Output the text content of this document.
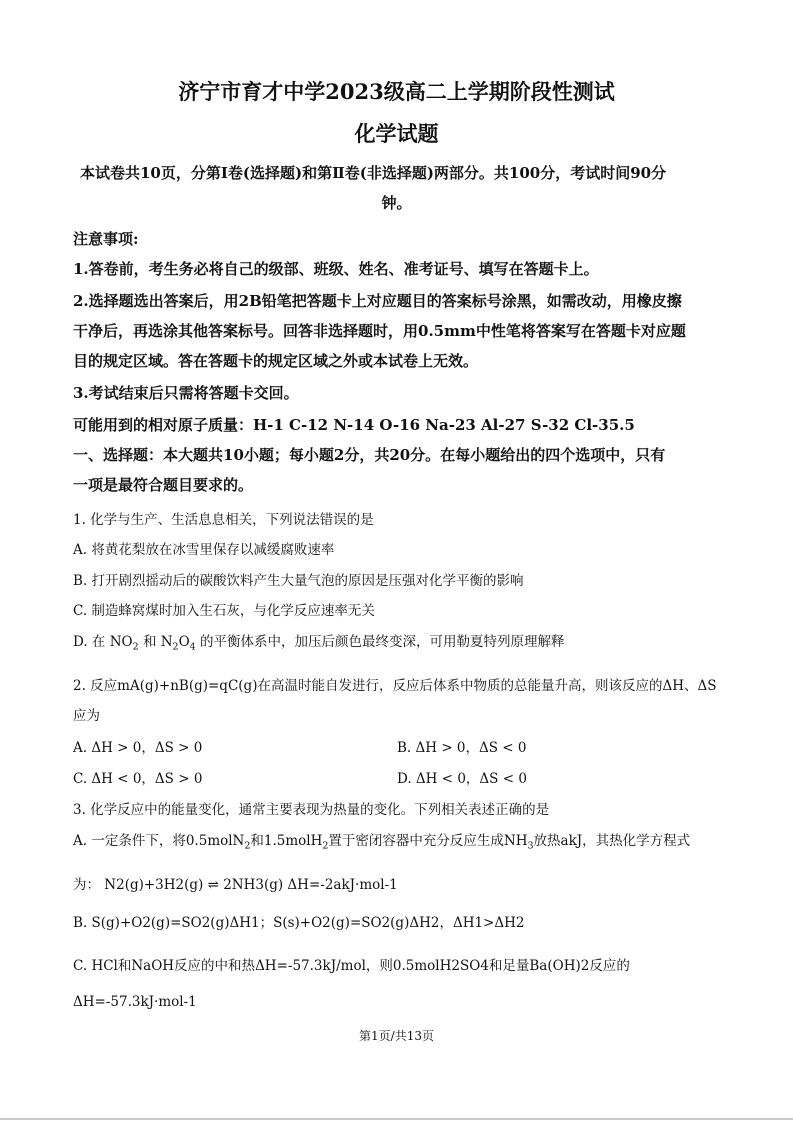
济宁市育才中学2023级高二上学期阶段性测试
化学试题
本试卷共10页，分第Ⅰ卷(选择题)和第Ⅱ卷(非选择题)两部分。共100分，考试时间90分
钟。
注意事项:
1.答卷前，考生务必将自己的级部、班级、姓名、准考证号、填写在答题卡上。
2.选择题选出答案后，用2B铅笔把答题卡上对应题目的答案标号涂黑，如需改动，用橡皮擦
干净后，再选涂其他答案标号。回答非选择题时，用0.5mm中性笔将答案写在答题卡对应题
目的规定区域。答在答题卡的规定区域之外或本试卷上无效。
3.考试结束后只需将答题卡交回。
可能用到的相对原子质量：H-1 C-12 N-14 O-16 Na-23 Al-27 S-32 Cl-35.5
一、选择题：本大题共10小题；每小题2分，共20分。在每小题给出的四个选项中，只有
一项是最符合题目要求的。
1. 化学与生产、生活息息相关，下列说法错误的是
A. 将黄花梨放在冰雪里保存以减缓腐败速率
B. 打开剧烈摇动后的碳酸饮料产生大量气泡的原因是压强对化学平衡的影响
C. 制造蜂窝煤时加入生石灰，与化学反应速率无关
D. 在 $NO_2$ 和 $N_2O_4$ 的平衡体系中，加压后颜色最终变深，可用勒夏特列原理解释
2. 反应mA(g)+nB(g)=qC(g)在高温时能自发进行，反应后体系中物质的总能量升高，则该反应的ΔH、ΔS
应为
A. ΔH > 0，ΔS > 0	B. ΔH > 0，ΔS < 0
C. ΔH < 0，ΔS > 0	D. ΔH < 0，ΔS < 0
3. 化学反应中的能量变化，通常主要表现为热量的变化。下列相关表述正确的是
A. 一定条件下，将0.5molN$_2$和1.5molH$_2$置于密闭容器中充分反应生成$NH_3$放热akJ，其热化学方程式
为： N2(g)+3H2(g) ⇌ 2NH3(g) ΔH=-2akJ·mol-1
B. S(g)+O2(g)=SO2(g)ΔH1；S(s)+O2(g)=SO2(g)ΔH2，ΔH1>ΔH2
C. HCl和NaOH反应的中和热ΔH=-57.3kJ/mol，则0.5molH2SO4和足量Ba(OH)2反应的
ΔH=-57.3kJ·mol-1
第1页/共13页
